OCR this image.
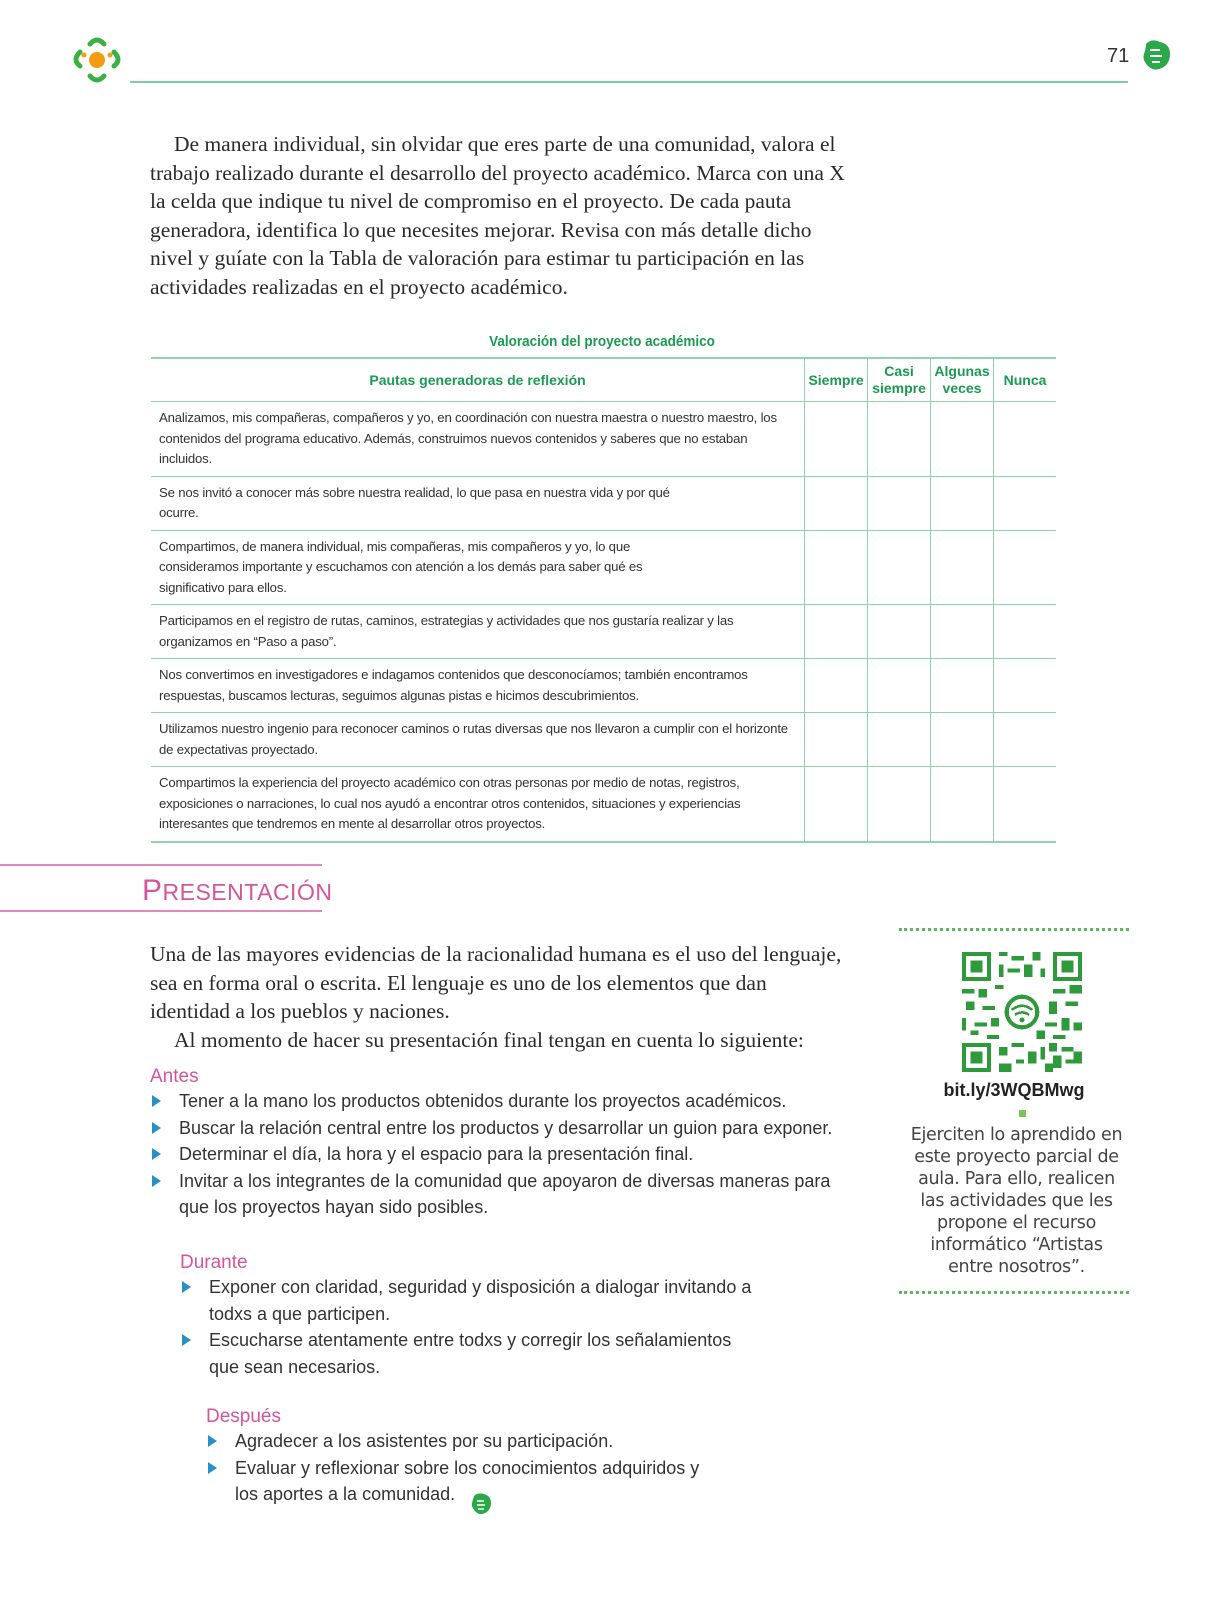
71
De manera individual, sin olvidar que eres parte de una comunidad, valora el trabajo realizado durante el desarrollo del proyecto académico. Marca con una X la celda que indique tu nivel de compromiso en el proyecto. De cada pauta generadora, identifica lo que necesites mejorar. Revisa con más detalle dicho nivel y guíate con la Tabla de valoración para estimar tu participación en las actividades realizadas en el proyecto académico.
Valoración del proyecto académico
Pautas generadoras de reflexión	Siempre	Casi siempre	Algunas veces	Nunca
Analizamos, mis compañeras, compañeros y yo, en coordinación con nuestra maestra o nuestro maestro, los contenidos del programa educativo. Además, construimos nuevos contenidos y saberes que no estaban incluidos.				
Se nos invitó a conocer más sobre nuestra realidad, lo que pasa en nuestra vida y por qué ocurre.				
Compartimos, de manera individual, mis compañeras, mis compañeros y yo, lo que consideramos importante y escuchamos con atención a los demás para saber qué es significativo para ellos.				
Participamos en el registro de rutas, caminos, estrategias y actividades que nos gustaría realizar y las organizamos en “Paso a paso”.				
Nos convertimos en investigadores e indagamos contenidos que desconocíamos; también encontramos respuestas, buscamos lecturas, seguimos algunas pistas e hicimos descubrimientos.				
Utilizamos nuestro ingenio para reconocer caminos o rutas diversas que nos llevaron a cumplir con el horizonte de expectativas proyectado.				
Compartimos la experiencia del proyecto académico con otras personas por medio de notas, registros, exposiciones o narraciones, lo cual nos ayudó a encontrar otros contenidos, situaciones y experiencias interesantes que tendremos en mente al desarrollar otros proyectos.				
PRESENTACIÓN

Una de las mayores evidencias de la racionalidad humana es el uso del lenguaje, sea en forma oral o escrita. El lenguaje es uno de los elementos que dan identidad a los pueblos y naciones.

Al momento de hacer su presentación final tengan en cuenta lo siguiente:

Antes
Tener a la mano los productos obtenidos durante los proyectos académicos.
Buscar la relación central entre los productos y desarrollar un guion para exponer.
Determinar el día, la hora y el espacio para la presentación final.
Invitar a los integrantes de la comunidad que apoyaron de diversas maneras para que los proyectos hayan sido posibles.
Durante
Exponer con claridad, seguridad y disposición a dialogar invitando a todxs a que participen.
Escucharse atentamente entre todxs y corregir los señalamientos que sean necesarios.
Después
Agradecer a los asistentes por su participación.
Evaluar y reflexionar sobre los conocimientos adquiridos y los aportes a la comunidad.
bit.ly/3WQBMwg
Ejerciten lo aprendido en este proyecto parcial de aula. Para ello, realicen las actividades que les propone el recurso informático “Artistas entre nosotros”.
